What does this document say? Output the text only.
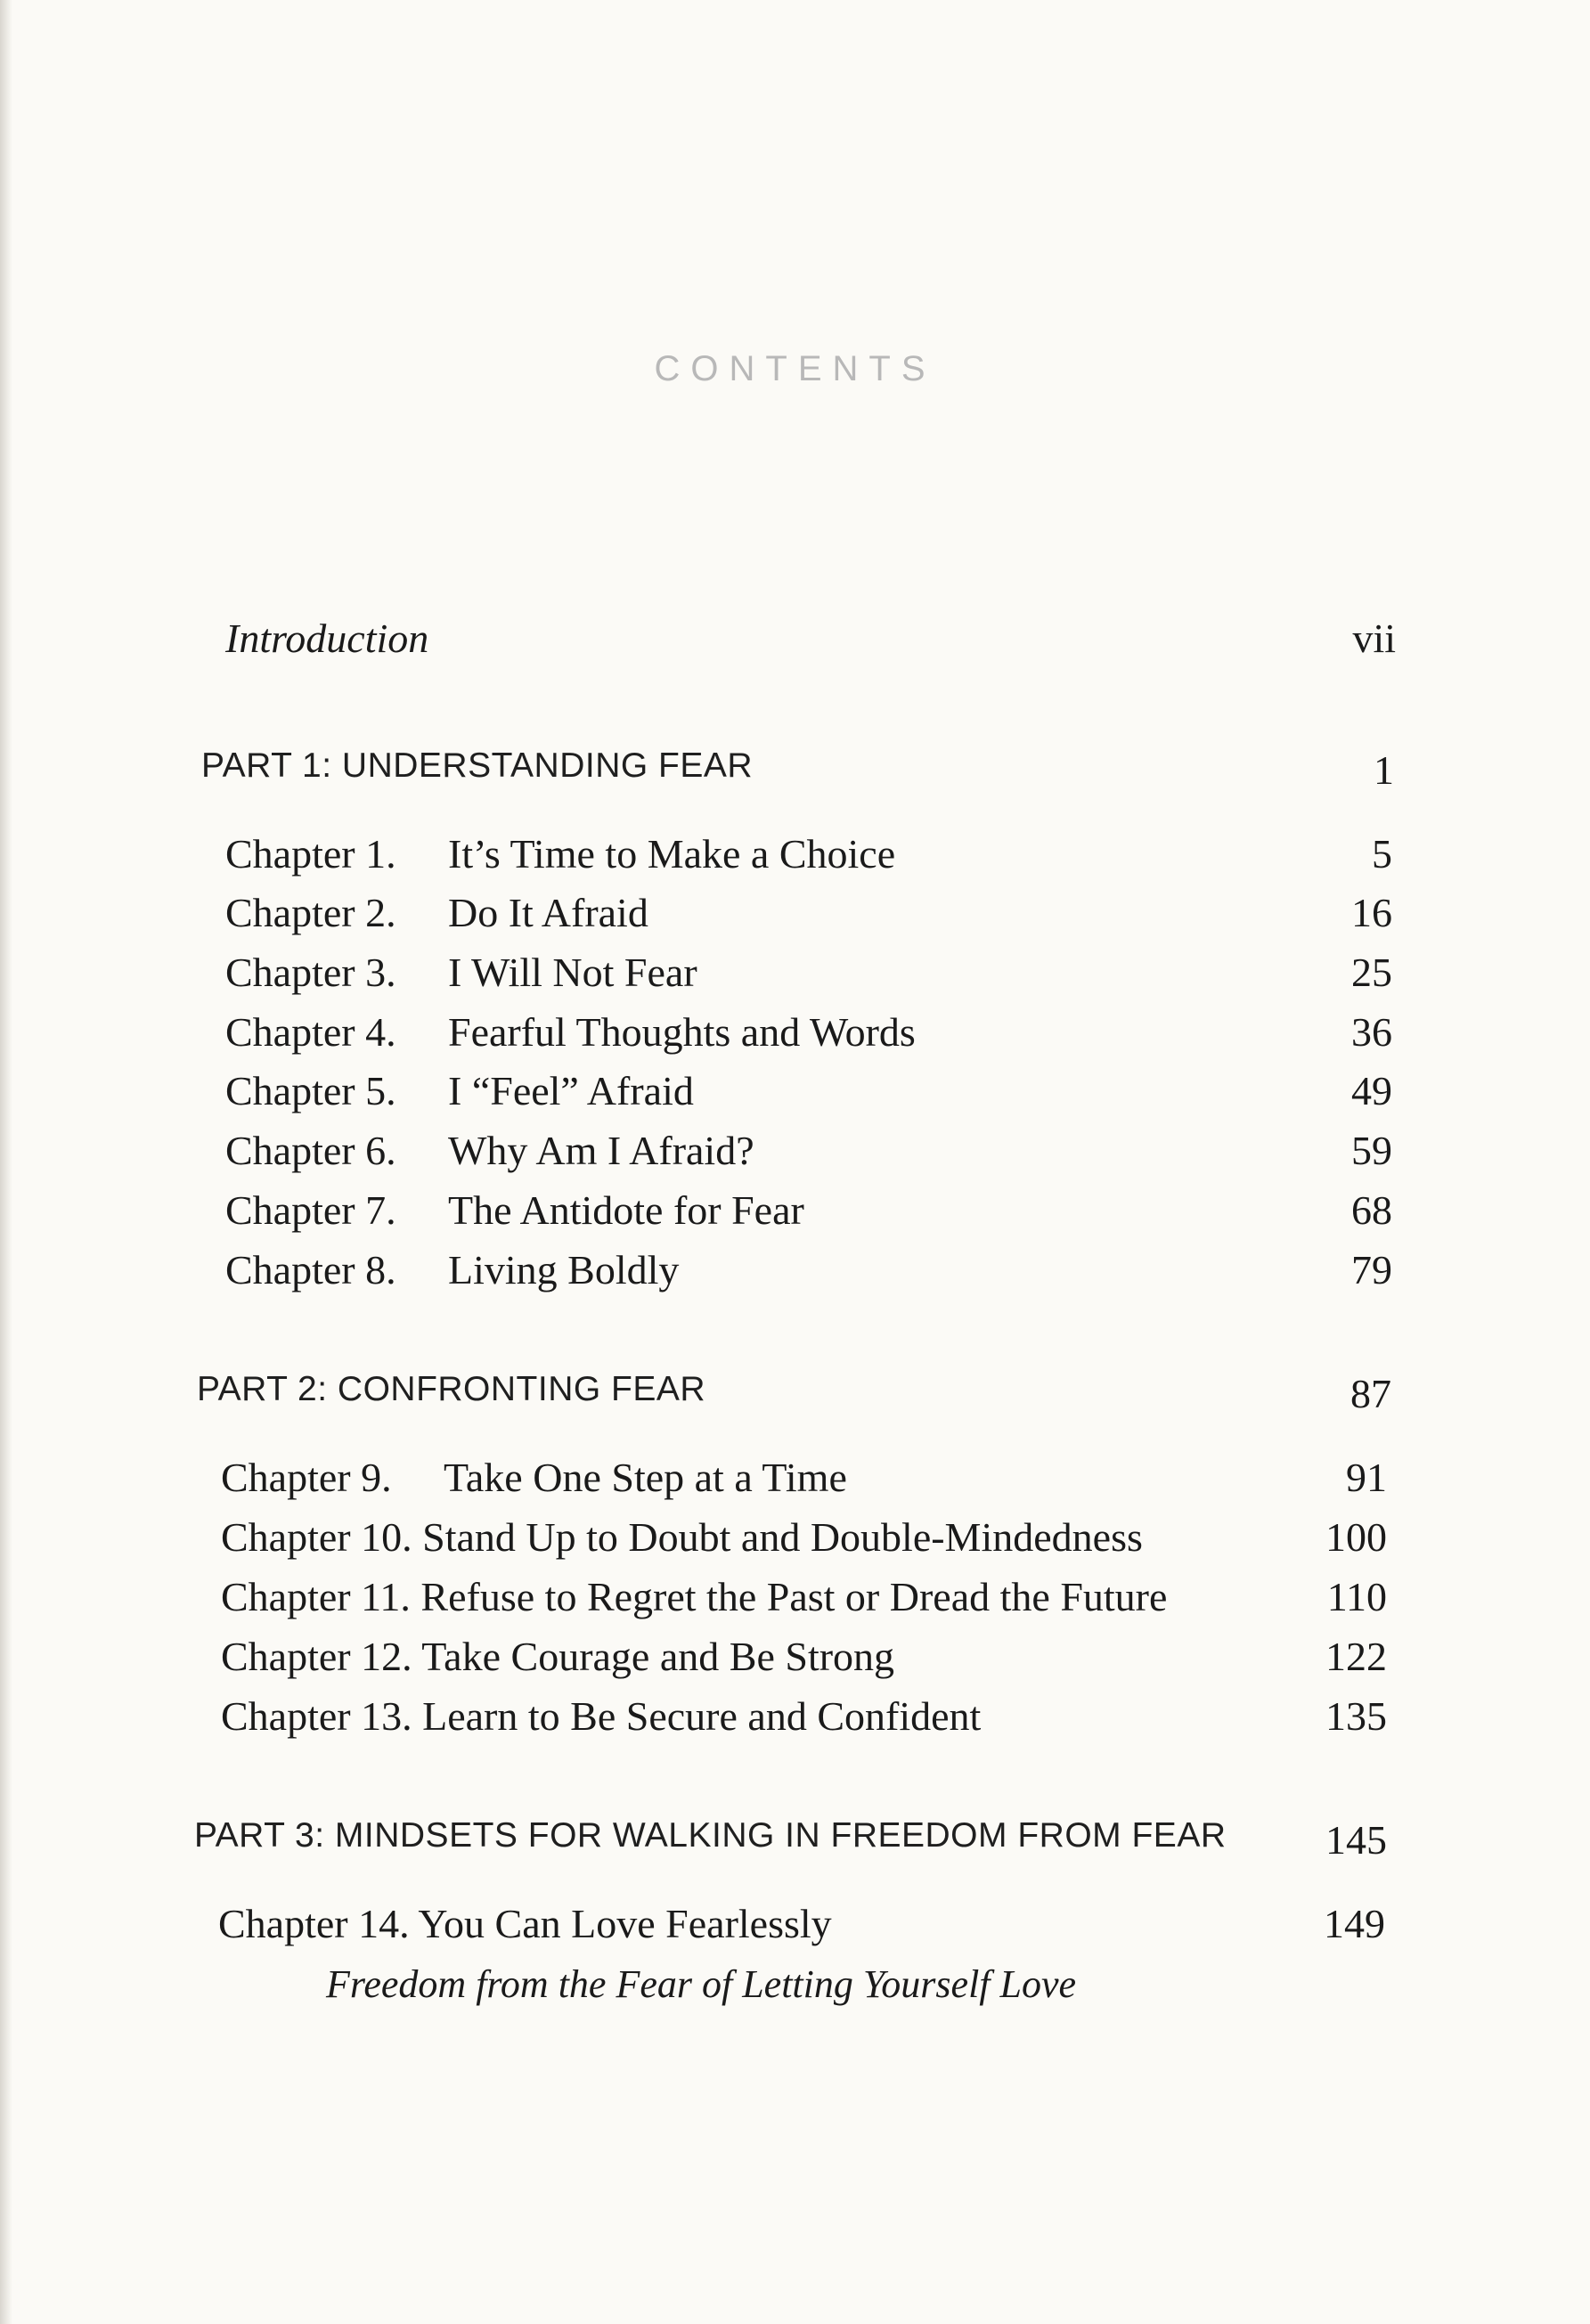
CONTENTS
Introduction	vii
PART 1: UNDERSTANDING FEAR	1
Chapter 1. It’s Time to Make a Choice	5
Chapter 2. Do It Afraid	16
Chapter 3. I Will Not Fear	25
Chapter 4. Fearful Thoughts and Words	36
Chapter 5. I “Feel” Afraid	49
Chapter 6. Why Am I Afraid?	59
Chapter 7. The Antidote for Fear	68
Chapter 8. Living Boldly	79
PART 2: CONFRONTING FEAR	87
Chapter 9. Take One Step at a Time	91
Chapter 10. Stand Up to Doubt and Double-Mindedness	100
Chapter 11. Refuse to Regret the Past or Dread the Future	110
Chapter 12. Take Courage and Be Strong	122
Chapter 13. Learn to Be Secure and Confident	135
PART 3: MINDSETS FOR WALKING IN FREEDOM FROM FEAR 145
Chapter 14. You Can Love Fearlessly	149
Freedom from the Fear of Letting Yourself Love
